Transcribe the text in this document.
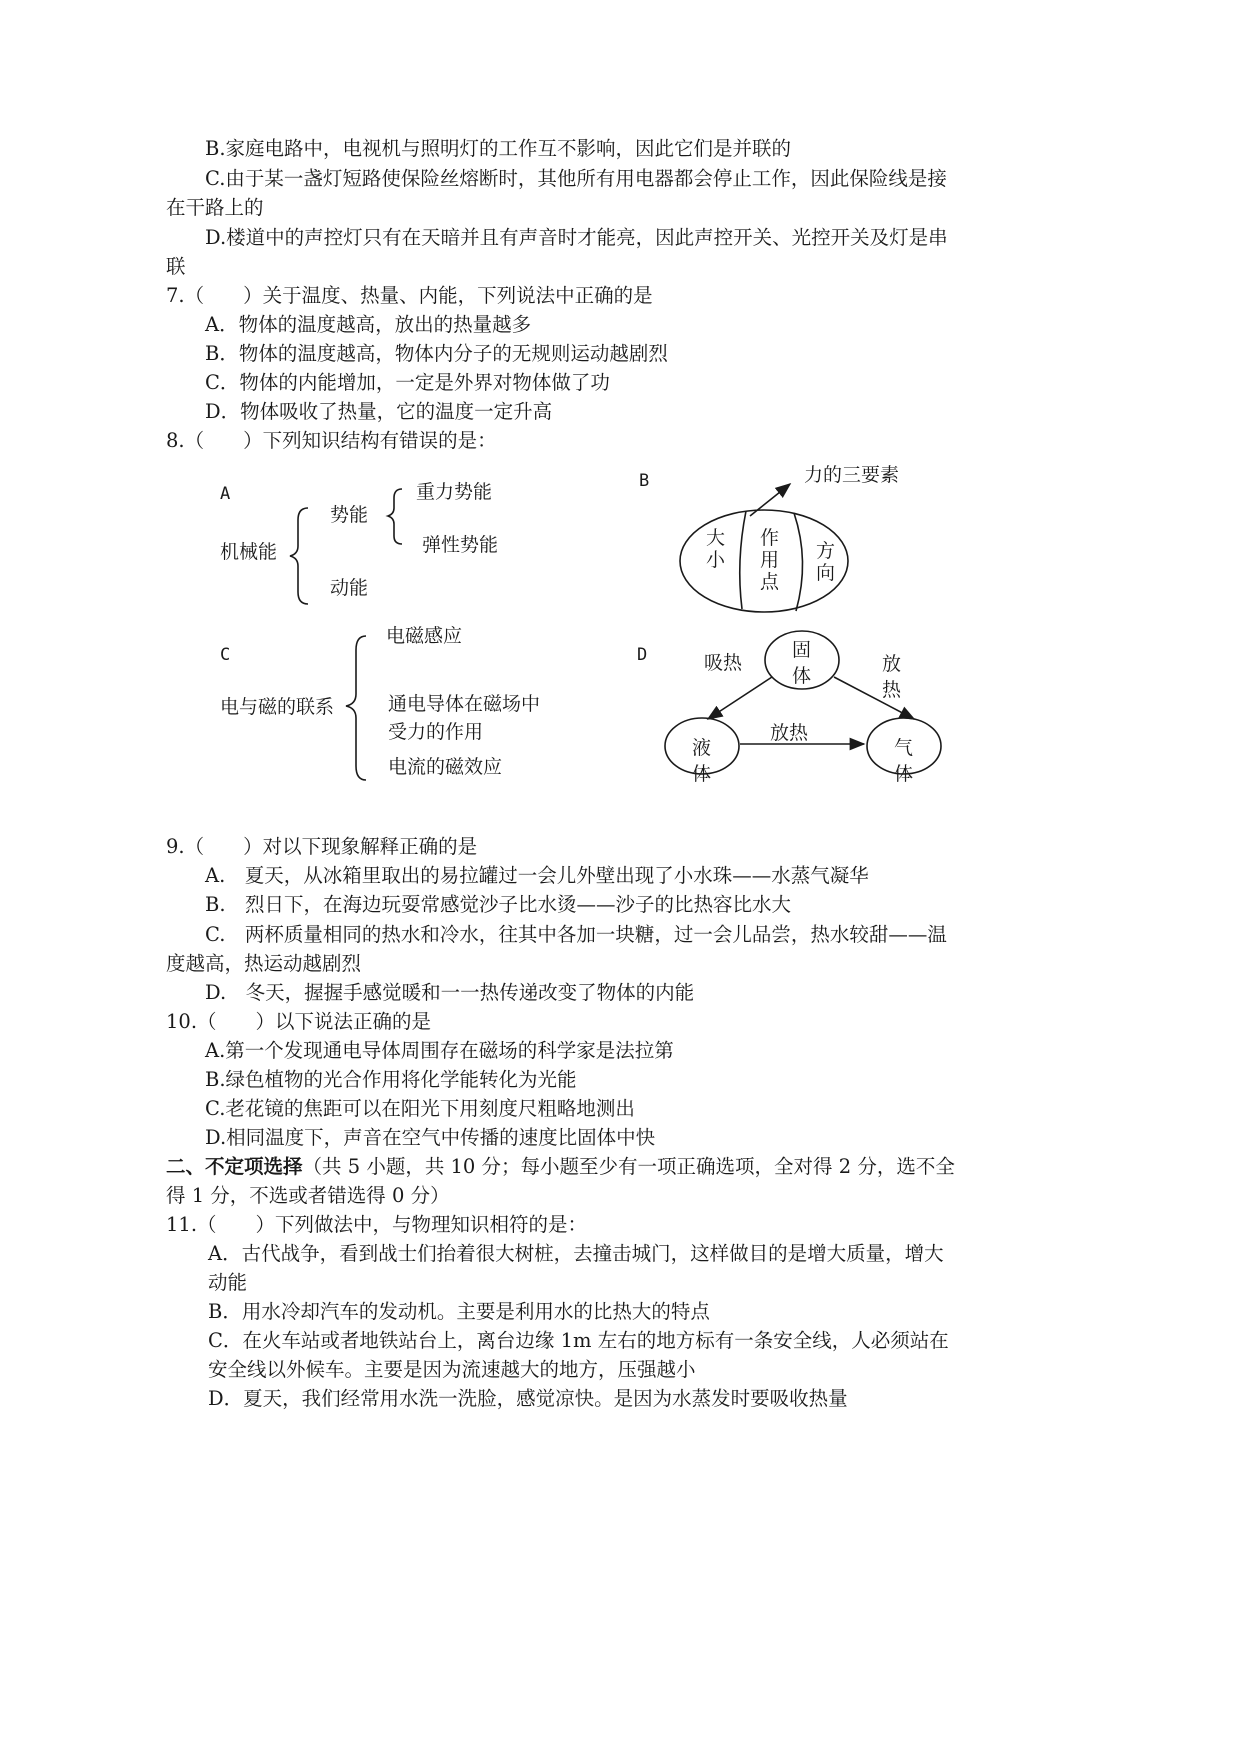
B.家庭电路中，电视机与照明灯的工作互不影响，因此它们是并联的
C.由于某一盏灯短路使保险丝熔断时，其他所有用电器都会停止工作，因此保险线是接
在干路上的
D.楼道中的声控灯只有在天暗并且有声音时才能亮，因此声控开关、光控开关及灯是串
联
7.（　　）关于温度、热量、内能，下列说法中正确的是
A．物体的温度越高，放出的热量越多
B．物体的温度越高，物体内分子的无规则运动越剧烈
C．物体的内能增加，一定是外界对物体做了功
D．物体吸收了热量，它的温度一定升高
8.（　　）下列知识结构有错误的是：
A
机械能
势能
动能
重力势能
弹性势能
B	力的三要素
大
小
作
用
点
方
向
C
电与磁的联系
电磁感应
通电导体在磁场中
受力的作用
电流的磁效应
D	固
体
液
体
气
体
吸热	放
热
放热
9.（　　）对以下现象解释正确的是
A.　夏天，从冰箱里取出的易拉罐过一会儿外壁出现了小水珠——水蒸气凝华
B.　烈日下，在海边玩耍常感觉沙子比水烫——沙子的比热容比水大
C.　两杯质量相同的热水和冷水，往其中各加一块糖，过一会儿品尝，热水较甜——温
度越高，热运动越剧烈
D.　冬天，握握手感觉暖和一一热传递改变了物体的内能
10.（　　）以下说法正确的是
A.第一个发现通电导体周围存在磁场的科学家是法拉第
B.绿色植物的光合作用将化学能转化为光能
C.老花镜的焦距可以在阳光下用刻度尺粗略地测出
D.相同温度下，声音在空气中传播的速度比固体中快
二、不定项选择（共 5 小题，共 10 分；每小题至少有一项正确选项，全对得 2 分，选不全
得 1 分，不选或者错选得 0 分）
11.（　　）下列做法中，与物理知识相符的是：
A．古代战争，看到战士们抬着很大树桩，去撞击城门，这样做目的是增大质量，增大
动能
B．用水冷却汽车的发动机。主要是利用水的比热大的特点
C．在火车站或者地铁站台上，离台边缘 1m 左右的地方标有一条安全线，人必须站在
安全线以外候车。主要是因为流速越大的地方，压强越小
D．夏天，我们经常用水洗一洗脸，感觉凉快。是因为水蒸发时要吸收热量
